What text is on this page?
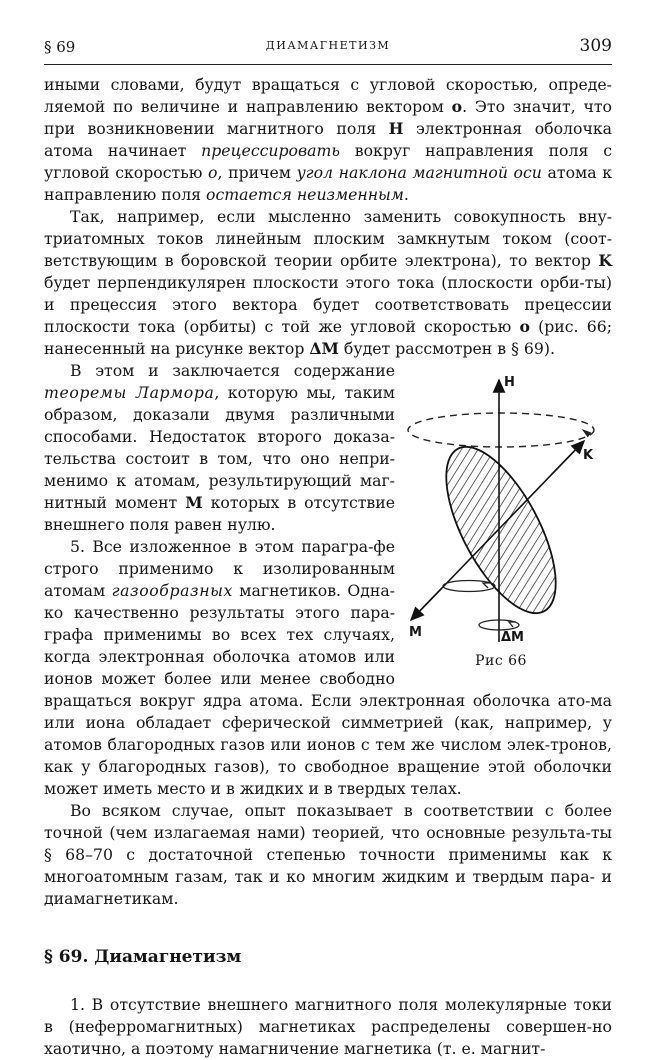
§ 69	ДИАМАГНЕТИЗМ	309

иными словами, будут вращаться с угловой скоростью, опреде-ляемой по величине и направлению вектором o. Это значит, что при возникновении магнитного поля H электронная оболочка атома начинает прецессировать вокруг направления поля с угловой скоростью o, причем угол наклона магнитной оси атома к направлению поля остается неизменным.

Так, например, если мысленно заменить совокупность вну-триатомных токов линейным плоским замкнутым током (соот-ветствующим в боровской теории орбите электрона), то вектор K будет перпендикулярен плоскости этого тока (плоскости орби-ты) и прецессия этого вектора будет соответствовать прецессии плоскости тока (орбиты) с той же угловой скоростью o (рис. 66; нанесенный на рисунке вектор ΔM будет рассмотрен в § 69).

H
K
M	ΔM
Рис 66

В этом и заключается содержание теоремы Лармора, которую мы, таким образом, доказали двумя различными способами. Недостаток второго доказа-тельства состоит в том, что оно непри-менимо к атомам, результирующий маг-нитный момент M которых в отсутствие внешнего поля равен нулю.

5. Все изложенное в этом парагра-фе строго применимо к изолированным атомам газообразных магнетиков. Одна-ко качественно результаты этого пара-графа применимы во всех тех случаях, когда электронная оболочка атомов или ионов может более или менее свободно вращаться вокруг ядра атома. Если электронная оболочка ато-ма или иона обладает сферической симметрией (как, например, у атомов благородных газов или ионов с тем же числом элек-тронов, как у благородных газов), то свободное вращение этой оболочки может иметь место и в жидких и в твердых телах.

Во всяком случае, опыт показывает в соответствии с более точной (чем излагаемая нами) теорией, что основные результа-ты § 68–70 с достаточной степенью точности применимы как к многоатомным газам, так и ко многим жидким и твердым пара- и диамагнетикам.

§ 69. Диамагнетизм

1. В отсутствие внешнего магнитного поля молекулярные токи в (неферромагнитных) магнетиках распределены совершен-но хаотично, а поэтому намагничение магнетика (т. е. магнит-
